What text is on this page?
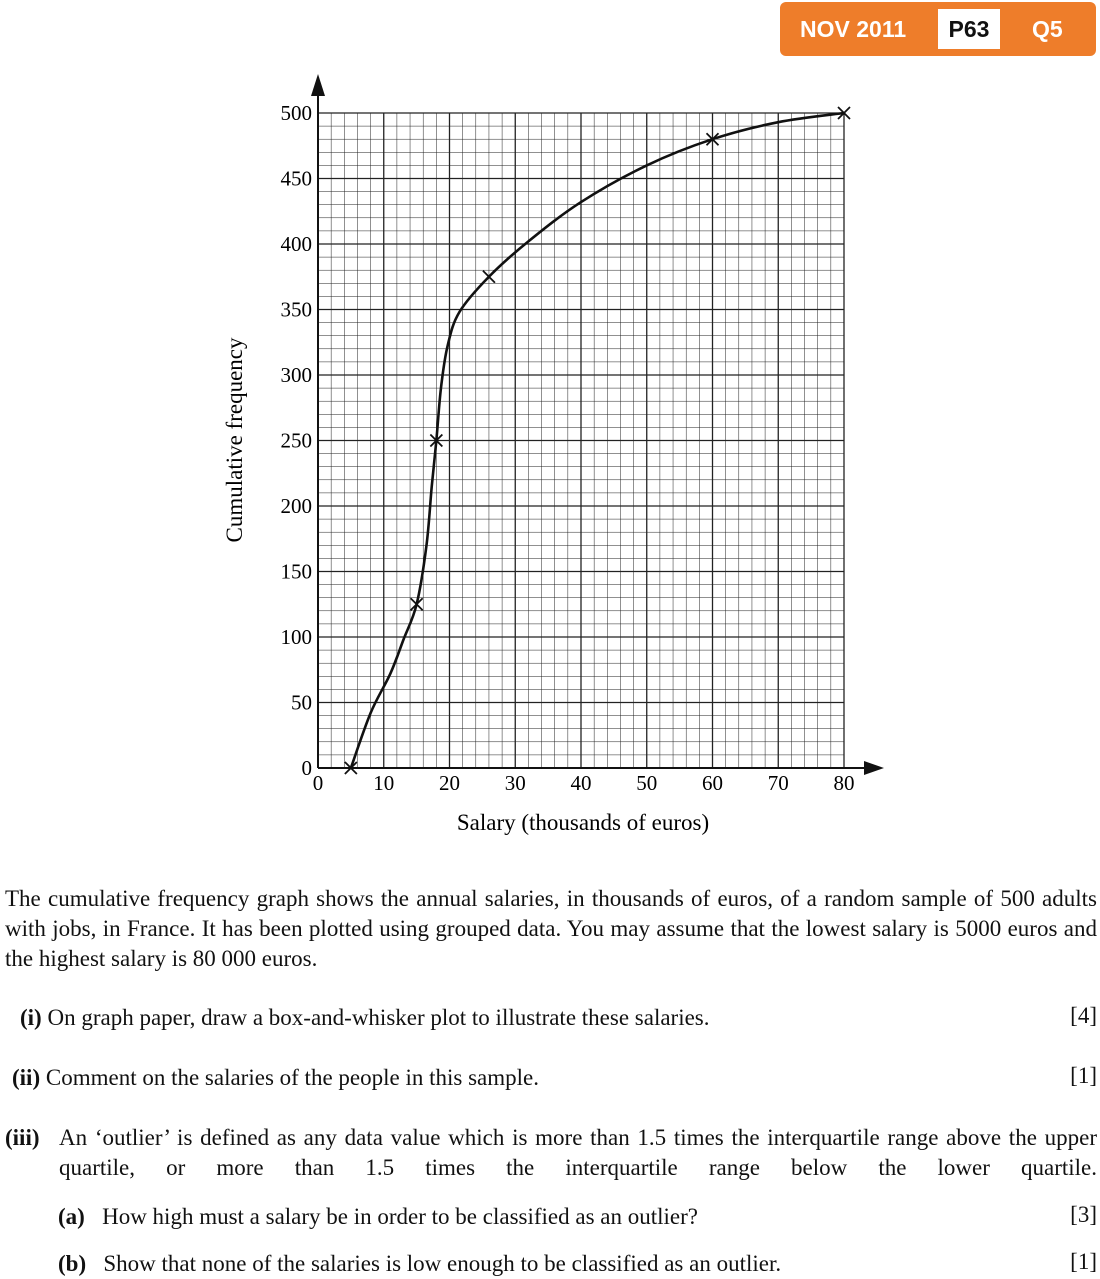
NOV 2011	P63	Q5
0 10 20 30 40 50 60 70 80
0
50
100
150
200
250
300
350
400
450
500
Salary (thousands of euros)
Cumulative frequency
The cumulative frequency graph shows the annual salaries, in thousands of euros, of a random sample of 500 adults with jobs, in France. It has been plotted using grouped data. You may assume that the lowest salary is 5000 euros and the highest salary is 80 000 euros.
(i) On graph paper, draw a box-and-whisker plot to illustrate these salaries.	[4]
(ii) Comment on the salaries of the people in this sample.	[1]
(iii) An ‘outlier’ is defined as any data value which is more than 1.5 times the interquartile range above the upper quartile, or more than 1.5 times the interquartile range below the lower quartile.
(a) How high must a salary be in order to be classified as an outlier?	[3]
(b) Show that none of the salaries is low enough to be classified as an outlier.	[1]
